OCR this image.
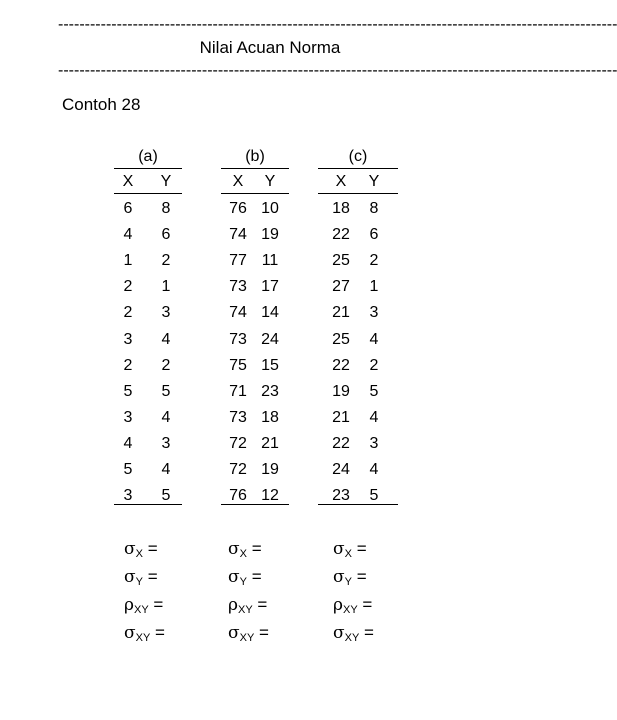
---------------------------------------------------------------------------------------------------------
Nilai Acuan Norma
---------------------------------------------------------------------------------------------------------
Contoh 28
(a)
X	Y
6	8
4	6
1	2
2	1
2	3
3	4
2	2
5	5
3	4
4	3
5	4
3	5
(b)
X	Y
76 10
74 19
77 11
73 17
74 14
73 24
75 15
71 23
73 18
72 21
72 19
76 12
(c)
X	Y
18	8
22	6
25	2
27	1
21	3
25	4
22	2
19	5
21	4
22	3
24	4
23	5
σX =
σY =
ρXY =
σXY =
σX =
σY =
ρXY =
σXY =
σX =
σY =
ρXY =
σXY =
